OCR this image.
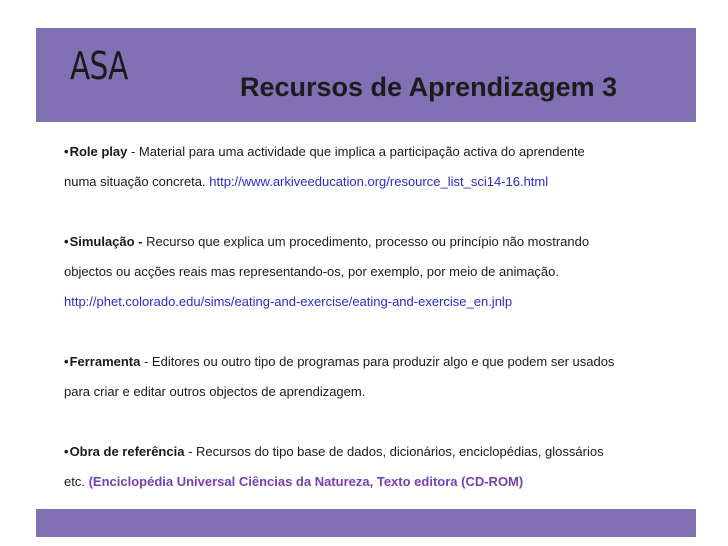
ASA	Recursos de Aprendizagem 3
•Role play - Material para uma actividade que implica a participação activa do aprendente
numa situação concreta. http://www.arkiveeducation.org/resource_list_sci14-16.html
•Simulação - Recurso que explica um procedimento, processo ou princípio não mostrando
objectos ou acções reais mas representando-os, por exemplo, por meio de animação.
http://phet.colorado.edu/sims/eating-and-exercise/eating-and-exercise_en.jnlp
•Ferramenta - Editores ou outro tipo de programas para produzir algo e que podem ser usados
para criar e editar outros objectos de aprendizagem.
•Obra de referência - Recursos do tipo base de dados, dicionários, enciclopédias, glossários
etc. (Enciclopédia Universal Ciências da Natureza, Texto editora (CD-ROM)
